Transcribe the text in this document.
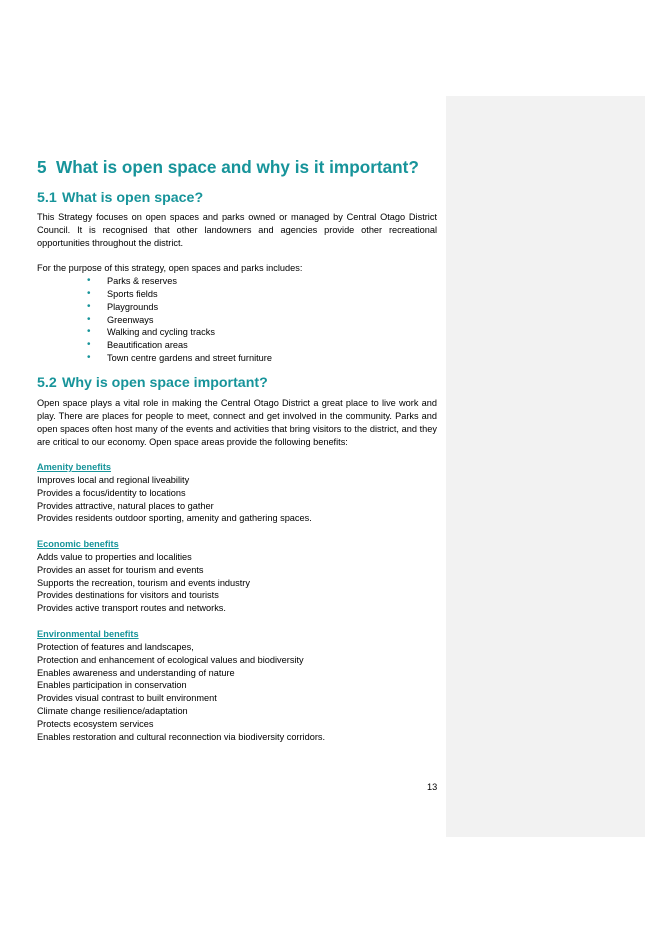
5 What is open space and why is it important?
5.1 What is open space?

This Strategy focuses on open spaces and parks owned or managed by Central Otago District Council. It is recognised that other landowners and agencies provide other recreational opportunities throughout the district.

For the purpose of this strategy, open spaces and parks includes:

• Parks & reserves
• Sports fields
• Playgrounds
• Greenways
• Walking and cycling tracks
• Beautification areas
• Town centre gardens and street furniture
5.2 Why is open space important?

Open space plays a vital role in making the Central Otago District a great place to live work and play. There are places for people to meet, connect and get involved in the community. Parks and open spaces often host many of the events and activities that bring visitors to the district, and they are critical to our economy. Open space areas provide the following benefits:

Amenity benefits
Improves local and regional liveability
Provides a focus/identity to locations
Provides attractive, natural places to gather
Provides residents outdoor sporting, amenity and gathering spaces.
Economic benefits
Adds value to properties and localities
Provides an asset for tourism and events
Supports the recreation, tourism and events industry
Provides destinations for visitors and tourists
Provides active transport routes and networks.
Environmental benefits
Protection of features and landscapes,
Protection and enhancement of ecological values and biodiversity
Enables awareness and understanding of nature
Enables participation in conservation
Provides visual contrast to built environment
Climate change resilience/adaptation
Protects ecosystem services
Enables restoration and cultural reconnection via biodiversity corridors.
13
